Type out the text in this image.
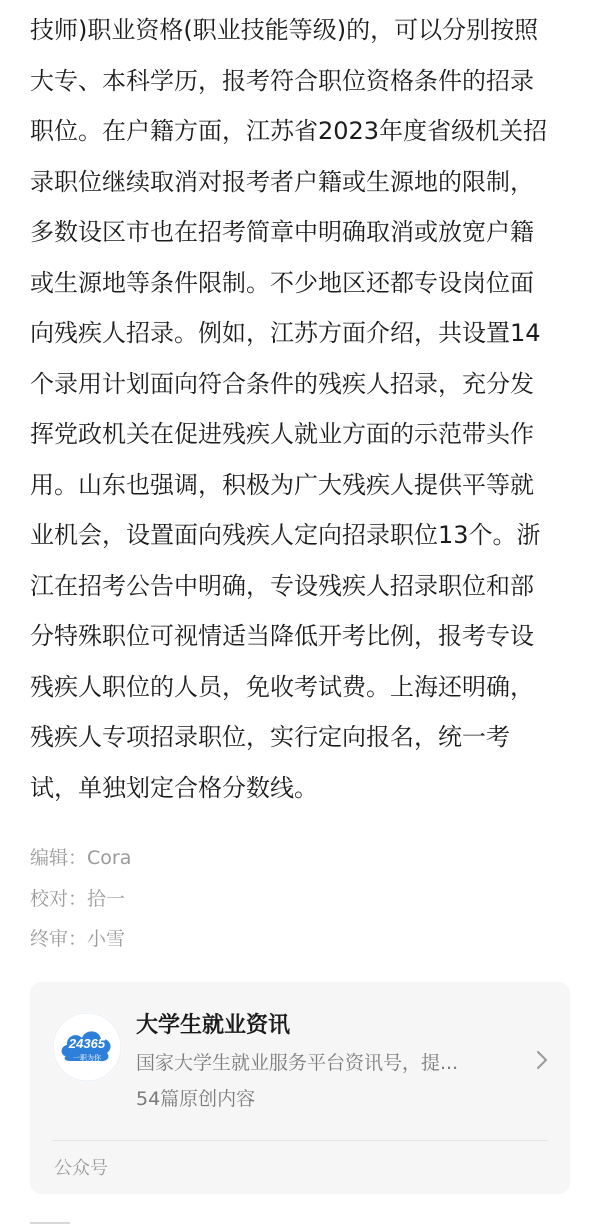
技师)职业资格(职业技能等级)的，可以分别按照
大专、本科学历，报考符合职位资格条件的招录
职位。在户籍方面，江苏省2023年度省级机关招
录职位继续取消对报考者户籍或生源地的限制，
多数设区市也在招考简章中明确取消或放宽户籍
或生源地等条件限制。不少地区还都专设岗位面
向残疾人招录。例如，江苏方面介绍，共设置14
个录用计划面向符合条件的残疾人招录，充分发
挥党政机关在促进残疾人就业方面的示范带头作
用。山东也强调，积极为广大残疾人提供平等就
业机会，设置面向残疾人定向招录职位13个。浙
江在招考公告中明确，专设残疾人招录职位和部
分特殊职位可视情适当降低开考比例，报考专设
残疾人职位的人员，免收考试费。上海还明确，
残疾人专项招录职位，实行定向报名，统一考
试，单独划定合格分数线。
编辑：Cora
校对：拾一
终审：小雪
24365
一职为你
大学生就业资讯
国家大学生就业服务平台资讯号，提...
54篇原创内容
公众号
